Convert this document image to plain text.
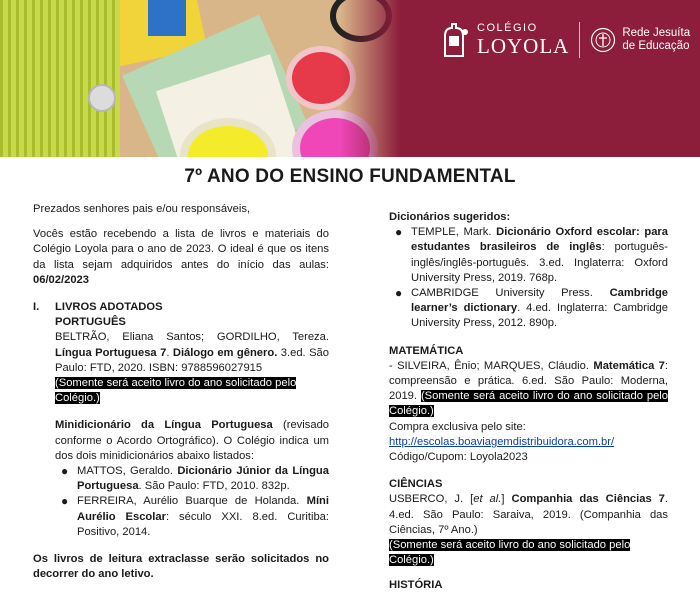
COLÉGIO
LOYOLA
Rede Jesuíta
de Educação
7º ANO DO ENSINO FUNDAMENTAL

Prezados senhores pais e/ou responsáveis,

Vocês estão recebendo a lista de livros e materiais do Colégio Loyola para o ano de 2023. O ideal é que os itens da lista sejam adquiridos antes do início das aulas: 06/02/2023

I.	LIVROS ADOTADOS
PORTUGUÊS

BELTRÃO, Eliana Santos; GORDILHO, Tereza. Língua Portuguesa 7. Diálogo em gênero. 3.ed. São Paulo: FTD, 2020. ISBN: 9788596027915

(Somente será aceito livro do ano solicitado pelo Colégio.)

Minidicionário da Língua Portuguesa (revisado conforme o Acordo Ortográfico). O Colégio indica um dos dois minidicionários abaixo listados:

● MATTOS, Geraldo. Dicionário Júnior da Língua Portuguesa. São Paulo: FTD, 2010. 832p.
● FERREIRA, Aurélio Buarque de Holanda. Míni Aurélio Escolar: século XXI. 8.ed. Curitiba: Positivo, 2014.

Os livros de leitura extraclasse serão solicitados no decorrer do ano letivo.

Dicionários sugeridos:

● TEMPLE, Mark. Dicionário Oxford escolar: para estudantes brasileiros de inglês: português-inglês/inglês-português. 3.ed. Inglaterra: Oxford University Press, 2019. 768p.
● CAMBRIDGE University Press. Cambridge learner’s dictionary. 4.ed. Inglaterra: Cambridge University Press, 2012. 890p.

MATEMÁTICA

- SILVEIRA, Ênio; MARQUES, Cláudio. Matemática 7: compreensão e prática. 6.ed. São Paulo: Moderna, 2019. (Somente será aceito livro do ano solicitado pelo Colégio.)

Compra exclusiva pelo site:

http://escolas.boaviagemdistribuidora.com.br/

Código/Cupom: Loyola2023

CIÊNCIAS

USBERCO, J. [et al.] Companhia das Ciências 7. 4.ed. São Paulo: Saraiva, 2019. (Companhia das Ciências, 7º Ano.)

(Somente será aceito livro do ano solicitado pelo Colégio.)

HISTÓRIA
